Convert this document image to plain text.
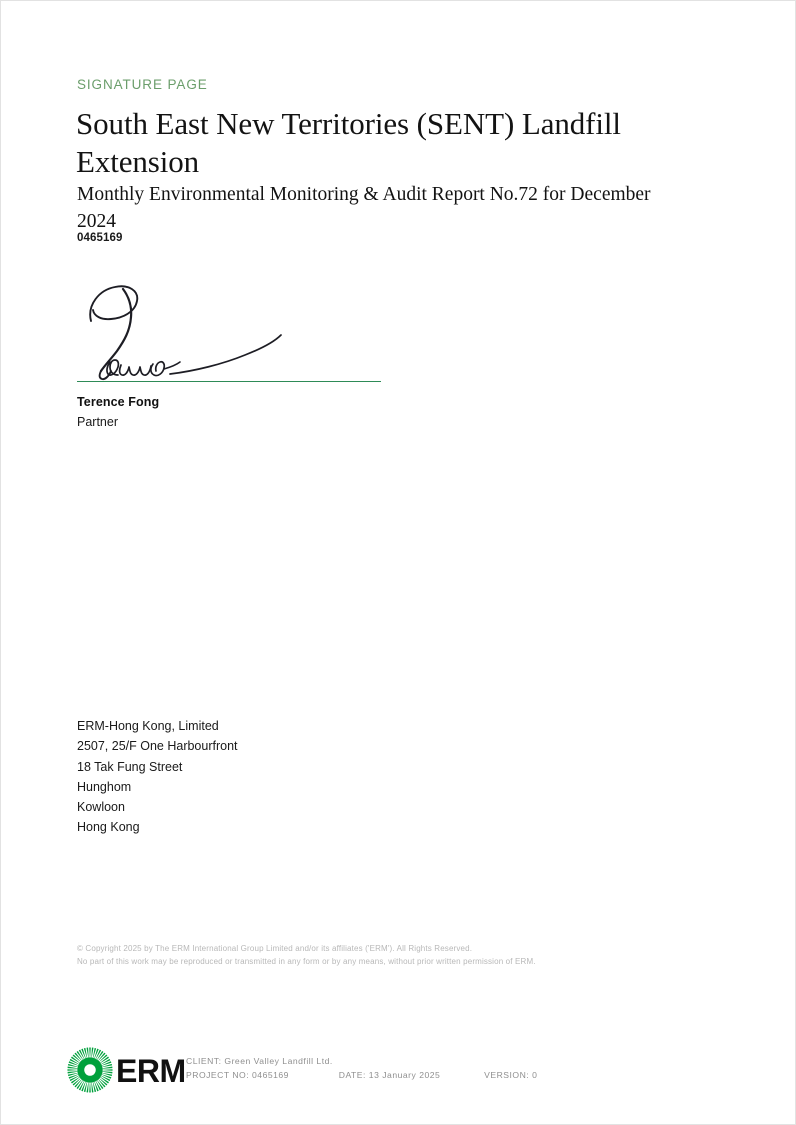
SIGNATURE PAGE
South East New Territories (SENT) Landfill Extension
Monthly Environmental Monitoring & Audit Report No.72 for December 2024
0465169
Terence Fong
Partner
ERM-Hong Kong, Limited
2507, 25/F One Harbourfront
18 Tak Fung Street
Hunghom
Kowloon
Hong Kong
© Copyright 2025 by The ERM International Group Limited and/or its affiliates ('ERM'). All Rights Reserved.
No part of this work may be reproduced or transmitted in any form or by any means, without prior written permission of ERM.
ERM CLIENT: Green Valley Landfill Ltd.
PROJECT NO: 0465169	DATE: 13 January 2025	VERSION: 0
